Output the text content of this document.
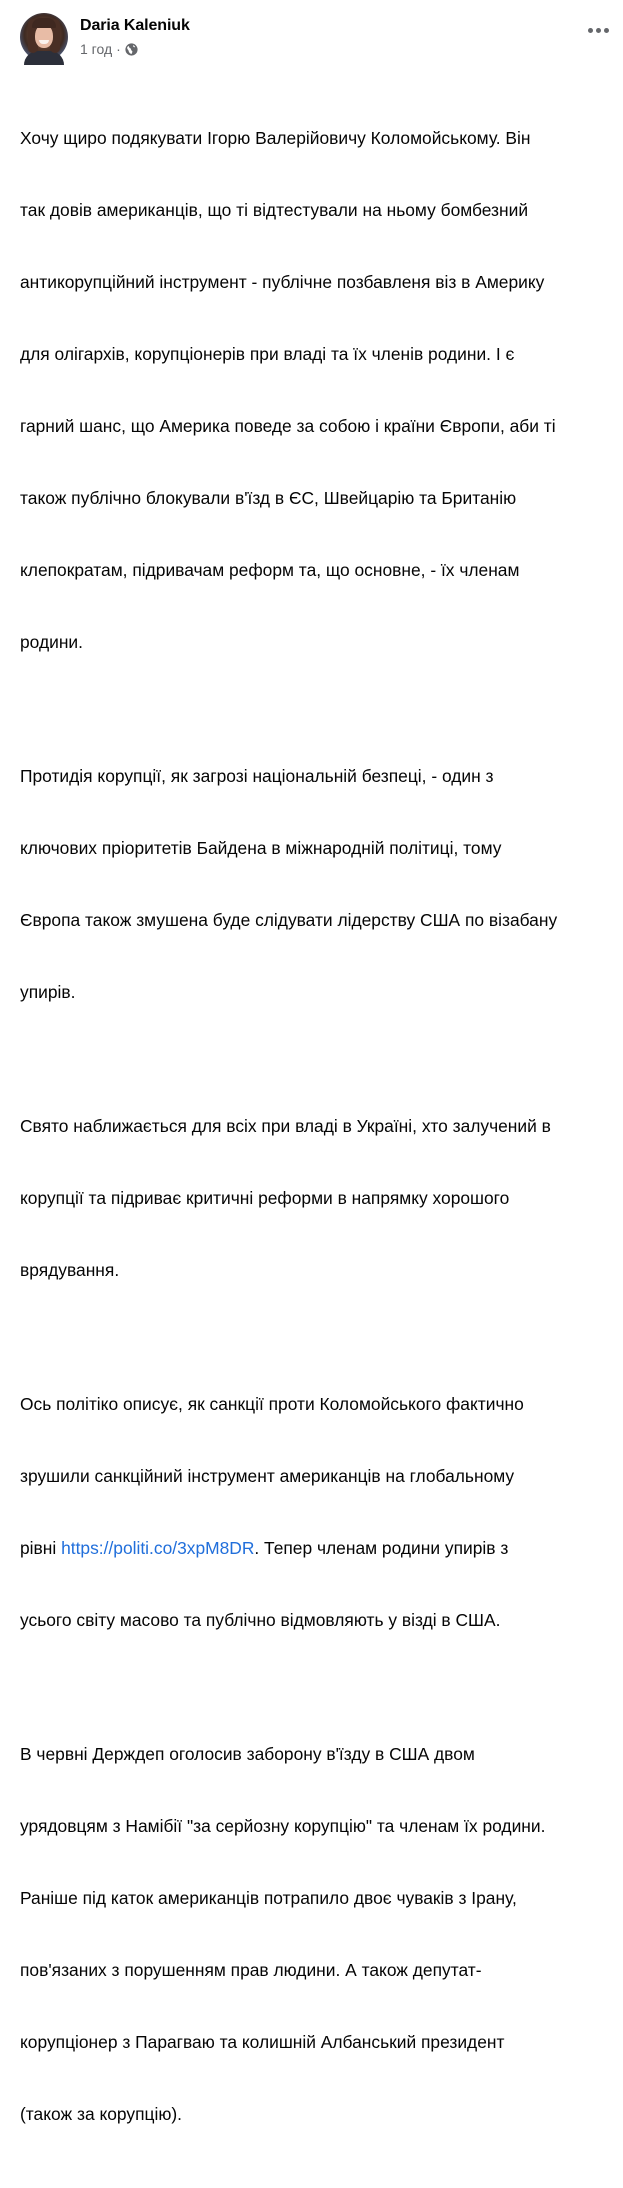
Daria Kaleniuk
1 год ·

Хочу щиро подякувати Ігорю Валерійовичу Коломойському. Він

так довів американців, що ті відтестували на ньому бомбезний

антикорупційний інструмент - публічне позбавленя віз в Америку

для олігархів, корупціонерів при владі та їх членів родини. І є

гарний шанс, що Америка поведе за собою і країни Європи, аби ті

також публічно блокували в'їзд в ЄС, Швейцарію та Британію

клепократам, підривачам реформ та, що основне, - їх членам

родини.

Протидія корупції, як загрозі національній безпеці, - один з

ключових пріоритетів Байдена в міжнародній політиці, тому

Європа також змушена буде слідувати лідерству США по візабану

упирів.

Свято наближається для всіх при владі в Україні, хто залучений в

корупції та підриває критичні реформи в напрямку хорошого

врядування.

Ось політіко описує, як санкції проти Коломойського фактично

зрушили санкційний інструмент американців на глобальному

рівні https://politi.co/3xpM8DR. Тепер членам родини упирів з

усього світу масово та публічно відмовляють у візді в США.

В червні Держдеп оголосив заборону в'їзду в США двом

урядовцям з Намібії "за серйозну корупцію" та членам їх родини.

Раніше під каток американців потрапило двоє чуваків з Ірану,

пов'язаних з порушенням прав людини. А також депутат-

корупціонер з Парагваю та колишній Албанський президент

(також за корупцію).
